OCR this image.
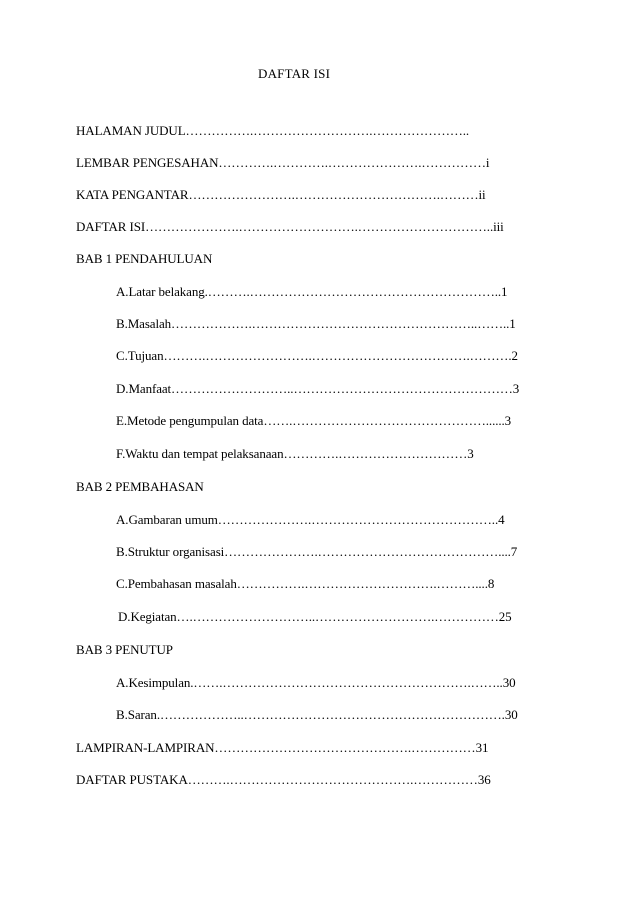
DAFTAR ISI
HALAMAN JUDUL…………….……………………….…………………..
LEMBAR PENGESAHAN………….………….………………….……………i
KATA PENGANTAR…………………….…………………………….………ii
DAFTAR ISI………………….……………………….…………………………..iii
BAB 1 PENDAHULUAN
A.Latar belakang.……….…………………………………………………..1
B.Masalah……………….……………………………………………..……..1
C.Tujuan……….…………………….……………………………….……….2
D.Manfaat………………………..……………………………………………3
E.Metode pengumpulan data…….………………………………………......3
F.Waktu dan tempat pelaksanaan………….…………………………3
BAB 2 PEMBAHASAN
A.Gambaran umum………………….……………………………………..4
B.Struktur organisasi………………….……………………………………....7
C.Pembahasan masalah…………….………………………….………....8
D.Kegiatan….………………………..……………………….……………25
BAB 3 PENUTUP
A.Kesimpulan.…….………………………………………………….……..30
B.Saran.………………..…………………………………………………….30
LAMPIRAN-LAMPIRAN……………………………………….……………31
DAFTAR PUSTAKA……….…………………………………….……………36
